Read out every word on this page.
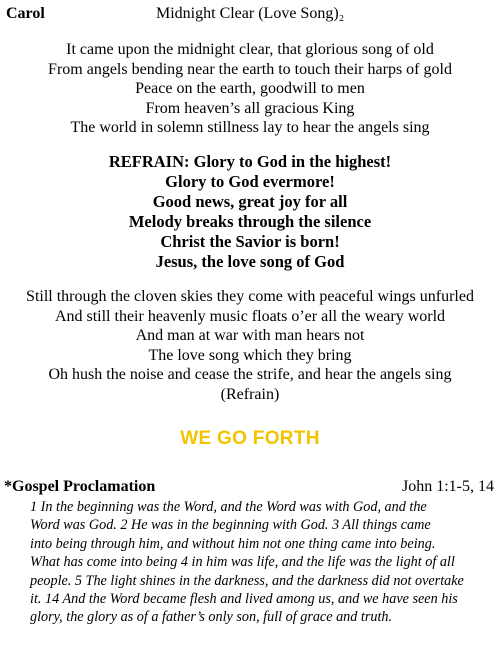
Carol	Midnight Clear (Love Song)₂
It came upon the midnight clear, that glorious song of old
From angels bending near the earth to touch their harps of gold
Peace on the earth, goodwill to men
From heaven’s all gracious King
The world in solemn stillness lay to hear the angels sing
REFRAIN: Glory to God in the highest!
Glory to God evermore!
Good news, great joy for all
Melody breaks through the silence
Christ the Savior is born!
Jesus, the love song of God
Still through the cloven skies they come with peaceful wings unfurled
And still their heavenly music floats o’er all the weary world
And man at war with man hears not
The love song which they bring
Oh hush the noise and cease the strife, and hear the angels sing
(Refrain)
WE GO FORTH
*Gospel Proclamation	John 1:1-5, 14
1 In the beginning was the Word, and the Word was with God, and the
Word was God. 2 He was in the beginning with God. 3 All things came
into being through him, and without him not one thing came into being.
What has come into being 4 in him was life, and the life was the light of all
people. 5 The light shines in the darkness, and the darkness did not overtake
it. 14 And the Word became flesh and lived among us, and we have seen his
glory, the glory as of a father’s only son, full of grace and truth.
